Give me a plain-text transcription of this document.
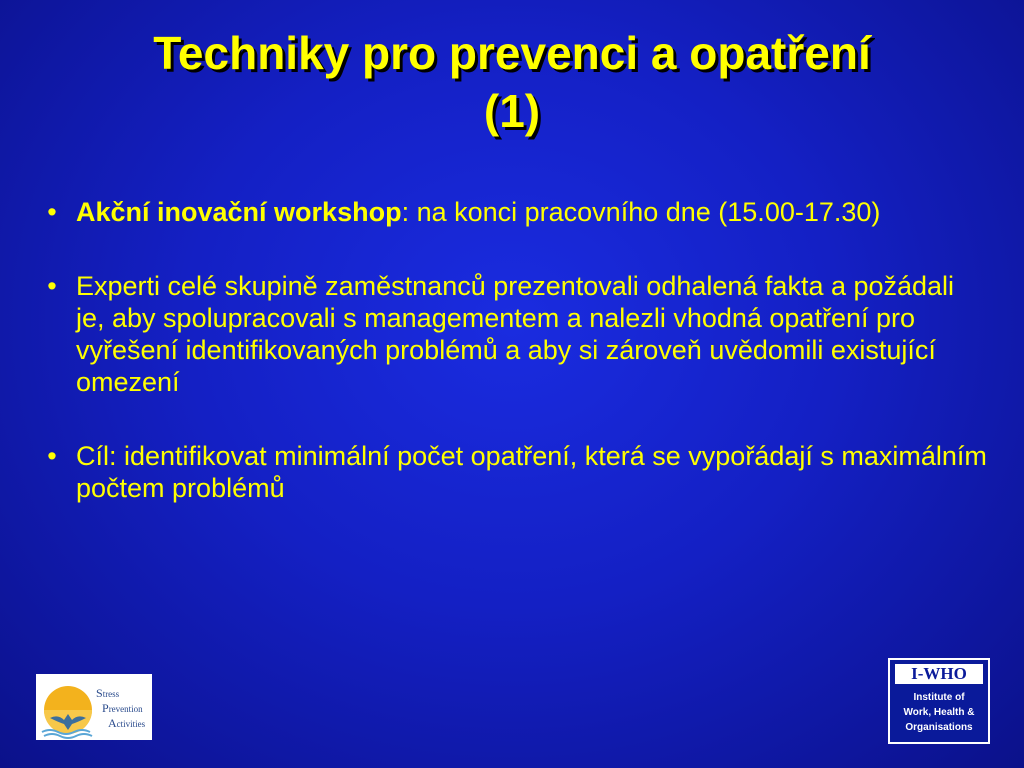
Techniky pro prevenci a opatření
(1)
• Akční inovační workshop: na konci pracovního dne (15.00-17.30)
• Experti celé skupině zaměstnanců prezentovali odhalená fakta a požádali je, aby spolupracovali s managementem a nalezli vhodná opatření pro vyřešení identifikovaných problémů a aby si zároveň uvědomili existující omezení
• Cíl: identifikovat minimální počet opatření, která se vypořádají s maximálním počtem problémů
Stress
Prevention
Activities
I-WHO
Institute of
Work, Health &
Organisations
